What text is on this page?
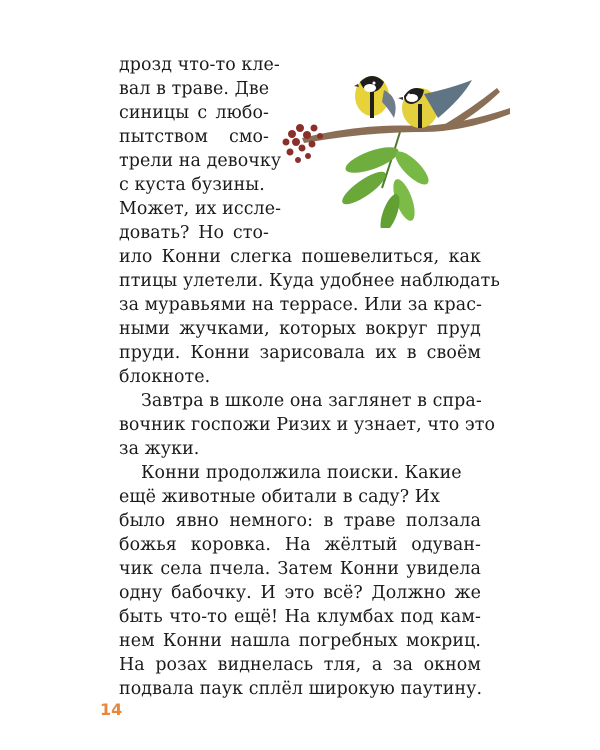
дрозд что-то кле-
вал в траве. Две
синицы с любо-
пытством смо-
трели на девочку
с куста бузины.
Может, их иссле-
довать? Но сто-
ило Конни слегка пошевелиться, как
птицы улетели. Куда удобнее наблюдать
за муравьями на террасе. Или за крас-
ными жучками, которых вокруг пруд
пруди. Конни зарисовала их в своём
блокноте.
Завтра в школе она заглянет в спра-
вочник госпожи Ризих и узнает, что это
за жуки.
Конни продолжила поиски. Какие
ещё животные обитали в саду? Их
было явно немного: в траве ползала
божья коровка. На жёлтый одуван-
чик села пчела. Затем Конни увидела
одну бабочку. И это всё? Должно же
быть что-то ещё! На клумбах под кам-
нем Конни нашла погребных мокриц.
На розах виднелась тля, а за окном
подвала паук сплёл широкую паутину.
14
